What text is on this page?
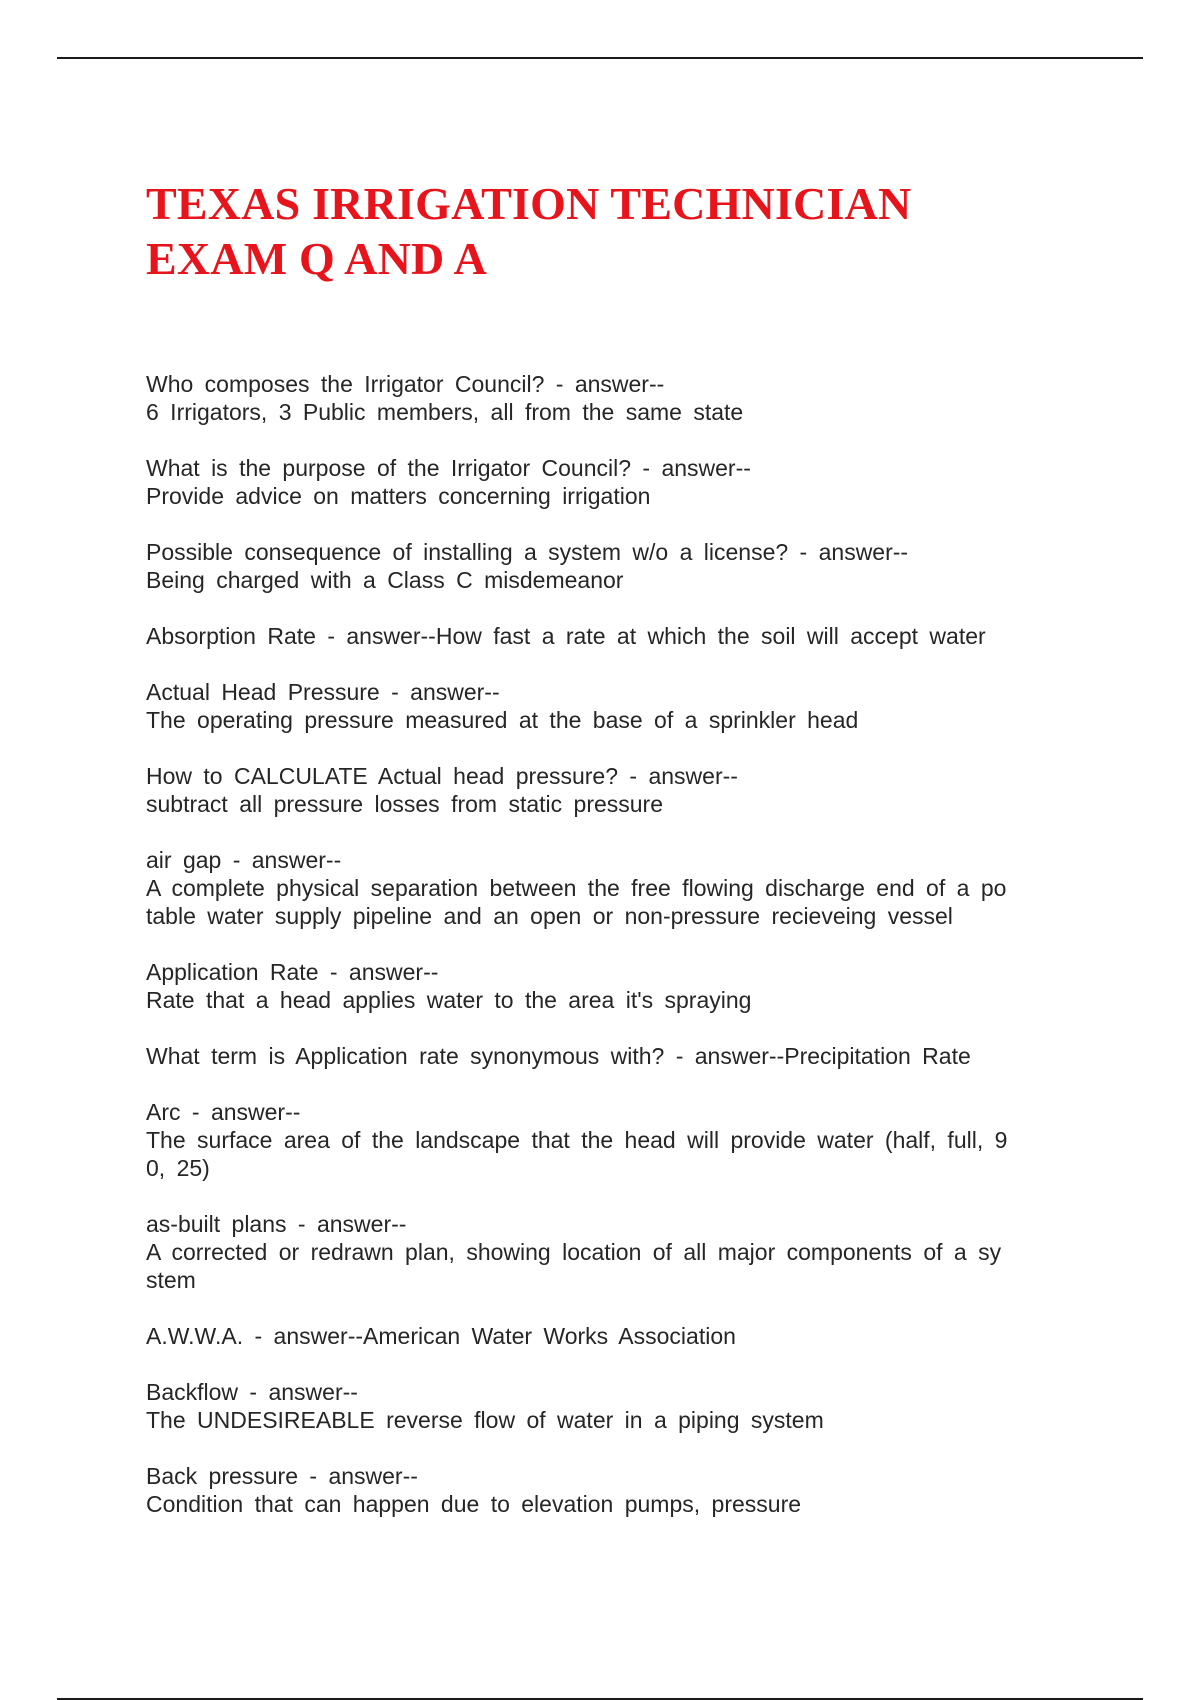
TEXAS IRRIGATION TECHNICIAN
EXAM Q AND A
Who composes the Irrigator Council? - answer--
6 Irrigators, 3 Public members, all from the same state
What is the purpose of the Irrigator Council? - answer--
Provide advice on matters concerning irrigation
Possible consequence of installing a system w/o a license? - answer--
Being charged with a Class C misdemeanor
Absorption Rate - answer--How fast a rate at which the soil will accept water
Actual Head Pressure - answer--
The operating pressure measured at the base of a sprinkler head
How to CALCULATE Actual head pressure? - answer--
subtract all pressure losses from static pressure
air gap - answer--
A complete physical separation between the free flowing discharge end of a po
table water supply pipeline and an open or non-pressure recieveing vessel
Application Rate - answer--
Rate that a head applies water to the area it's spraying
What term is Application rate synonymous with? - answer--Precipitation Rate
Arc - answer--
The surface area of the landscape that the head will provide water (half, full, 9
0, 25)
as-built plans - answer--
A corrected or redrawn plan, showing location of all major components of a sy
stem
A.W.W.A. - answer--American Water Works Association
Backflow - answer--
The UNDESIREABLE reverse flow of water in a piping system
Back pressure - answer--
Condition that can happen due to elevation pumps, pressure
